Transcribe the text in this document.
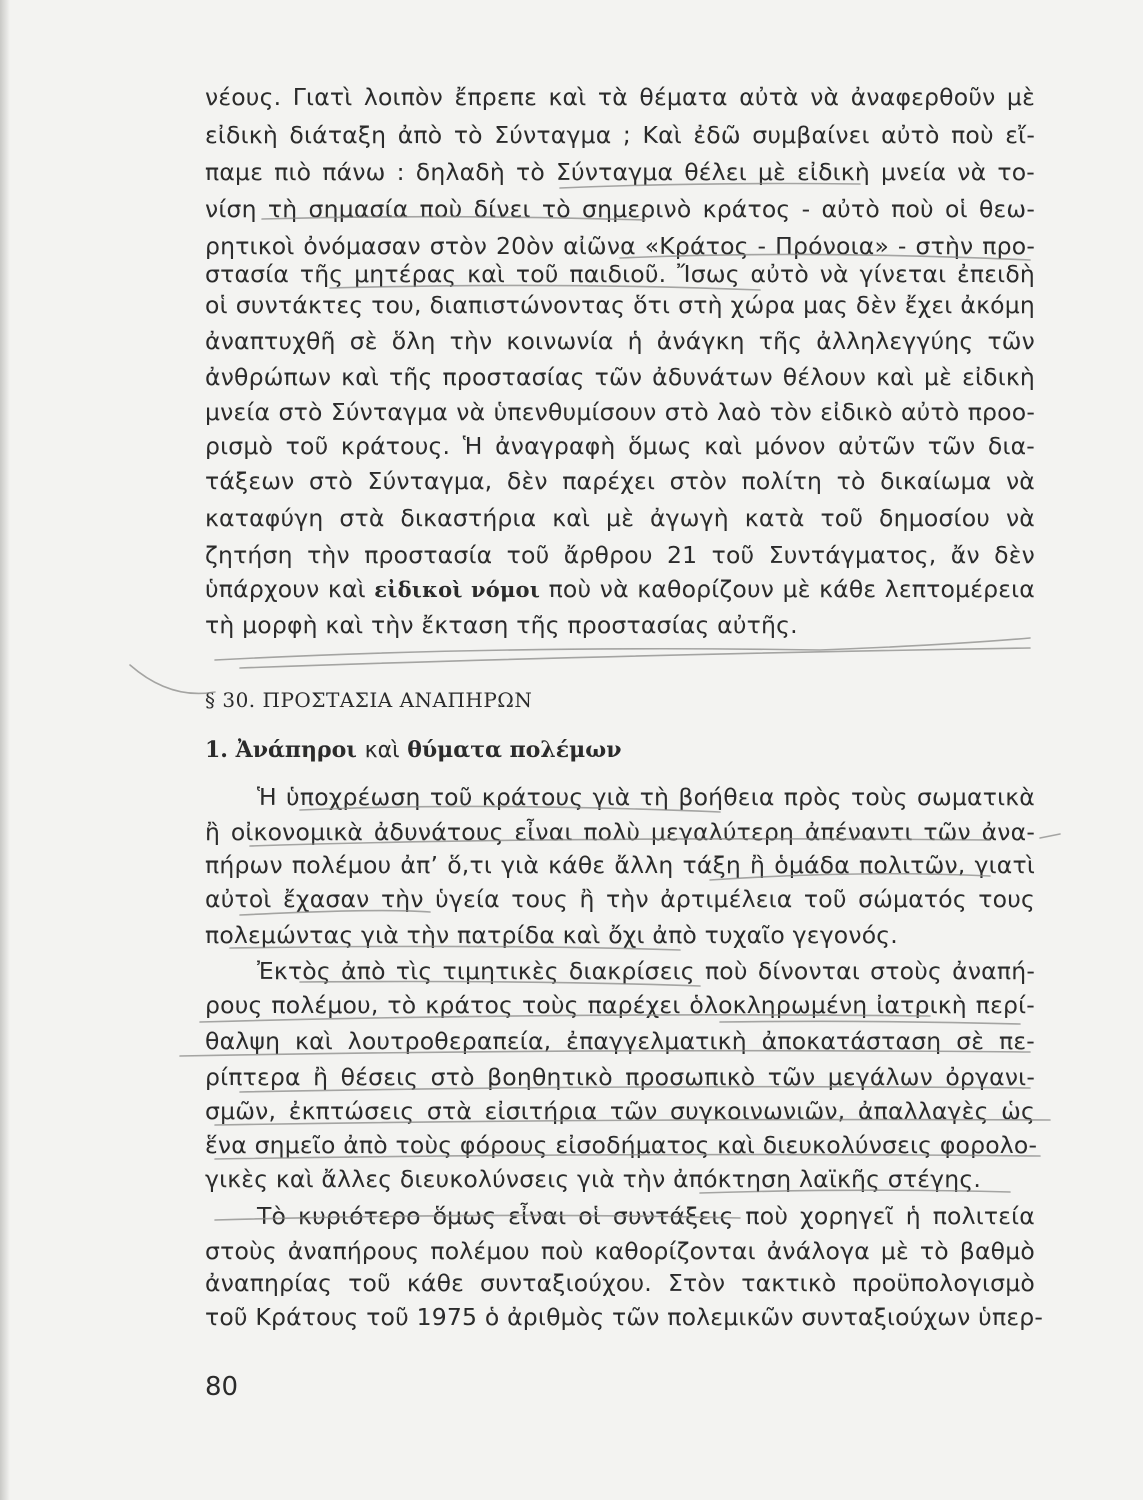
νέους. Γιατὶ λοιπὸν ἔπρεπε καὶ τὰ θέματα αὐτὰ νὰ ἀναφερθοῦν μὲ
εἰδικὴ διάταξη ἀπὸ τὸ Σύνταγμα ; Καὶ ἐδῶ συμβαίνει αὐτὸ ποὺ εἴ-
παμε πιὸ πάνω : δηλαδὴ τὸ Σύνταγμα θέλει μὲ εἰδικὴ μνεία νὰ το-
νίση τὴ σημασία ποὺ δίνει τὸ σημερινὸ κράτος - αὐτὸ ποὺ οἱ θεω-
ρητικοὶ ὀνόμασαν στὸν 20ὸν αἰῶνα «Κράτος - Πρόνοια» - στὴν προ-
στασία τῆς μητέρας καὶ τοῦ παιδιοῦ. Ἴσως αὐτὸ νὰ γίνεται ἐπειδὴ
οἱ συντάκτες του, διαπιστώνοντας ὅτι στὴ χώρα μας δὲν ἔχει ἀκόμη
ἀναπτυχθῆ σὲ ὅλη τὴν κοινωνία ἡ ἀνάγκη τῆς ἀλληλεγγύης τῶν
ἀνθρώπων καὶ τῆς προστασίας τῶν ἀδυνάτων θέλουν καὶ μὲ εἰδικὴ
μνεία στὸ Σύνταγμα νὰ ὑπενθυμίσουν στὸ λαὸ τὸν εἰδικὸ αὐτὸ προο-
ρισμὸ τοῦ κράτους. Ἡ ἀναγραφὴ ὅμως καὶ μόνον αὐτῶν τῶν δια-
τάξεων στὸ Σύνταγμα, δὲν παρέχει στὸν πολίτη τὸ δικαίωμα νὰ
καταφύγη στὰ δικαστήρια καὶ μὲ ἀγωγὴ κατὰ τοῦ δημοσίου νὰ
ζητήση τὴν προστασία τοῦ ἄρθρου 21 τοῦ Συντάγματος, ἄν δὲν
ὑπάρχουν καὶ εἰδικοὶ νόμοι ποὺ νὰ καθορίζουν μὲ κάθε λεπτομέρεια
τὴ μορφὴ καὶ τὴν ἔκταση τῆς προστασίας αὐτῆς.
§ 30. ΠΡΟΣΤΑΣΙΑ ΑΝΑΠΗΡΩΝ
1. Ἀνάπηροι καὶ θύματα πολέμων
Ἡ ὑποχρέωση τοῦ κράτους γιὰ τὴ βοήθεια πρὸς τοὺς σωματικὰ
ἢ οἰκονομικὰ ἀδυνάτους εἶναι πολὺ μεγαλύτερη ἀπέναντι τῶν ἀνα-
πήρων πολέμου ἀπ’ ὅ,τι γιὰ κάθε ἄλλη τάξη ἢ ὁμάδα πολιτῶν, γιατὶ
αὐτοὶ ἔχασαν τὴν ὑγεία τους ἢ τὴν ἀρτιμέλεια τοῦ σώματός τους
πολεμώντας γιὰ τὴν πατρίδα καὶ ὄχι ἀπὸ τυχαῖο γεγονός.
Ἐκτὸς ἀπὸ τὶς τιμητικὲς διακρίσεις ποὺ δίνονται στοὺς ἀναπή-
ρους πολέμου, τὸ κράτος τοὺς παρέχει ὁλοκληρωμένη ἰατρικὴ περί-
θαλψη καὶ λουτροθεραπεία, ἐπαγγελματικὴ ἀποκατάσταση σὲ πε-
ρίπτερα ἢ θέσεις στὸ βοηθητικὸ προσωπικὸ τῶν μεγάλων ὀργανι-
σμῶν, ἐκπτώσεις στὰ εἰσιτήρια τῶν συγκοινωνιῶν, ἀπαλλαγὲς ὡς
ἕνα σημεῖο ἀπὸ τοὺς φόρους εἰσοδήματος καὶ διευκολύνσεις φορολο-
γικὲς καὶ ἄλλες διευκολύνσεις γιὰ τὴν ἀπόκτηση λαϊκῆς στέγης.
Τὸ κυριότερο ὅμως εἶναι οἱ συντάξεις ποὺ χορηγεῖ ἡ πολιτεία
στοὺς ἀναπήρους πολέμου ποὺ καθορίζονται ἀνάλογα μὲ τὸ βαθμὸ
ἀναπηρίας τοῦ κάθε συνταξιούχου. Στὸν τακτικὸ προϋπολογισμὸ
τοῦ Κράτους τοῦ 1975 ὁ ἀριθμὸς τῶν πολεμικῶν συνταξιούχων ὑπερ-
80
